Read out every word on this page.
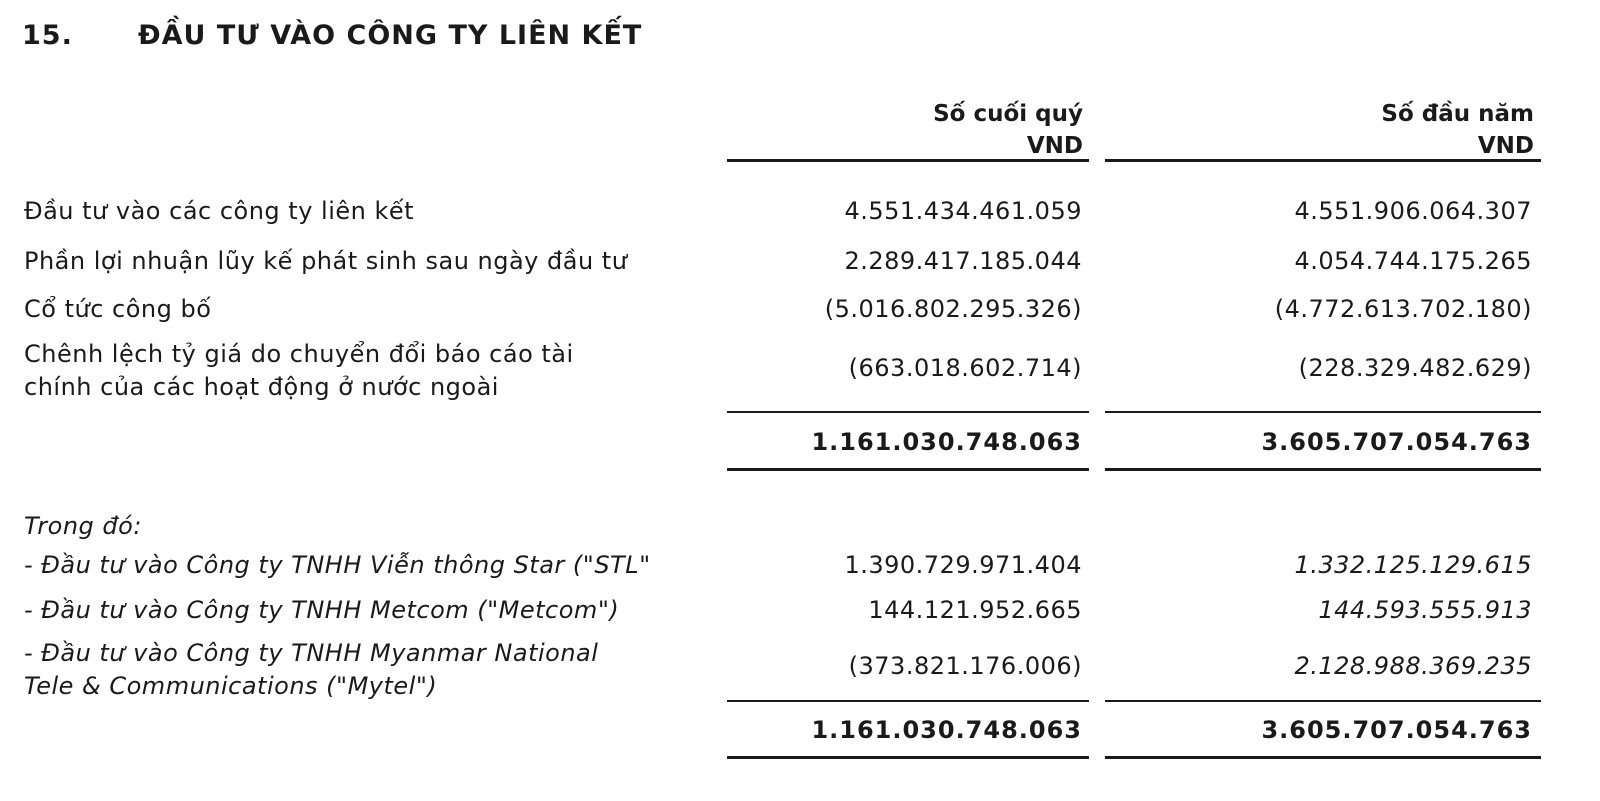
15. ĐẦU TƯ VÀO CÔNG TY LIÊN KẾT
Số cuối quý
VND
Số đầu năm
VND
Đầu tư vào các công ty liên kết	4.551.434.461.059	4.551.906.064.307
Phần lợi nhuận lũy kế phát sinh sau ngày đầu tư	2.289.417.185.044	4.054.744.175.265
Cổ tức công bố	(5.016.802.295.326)	(4.772.613.702.180)
Chênh lệch tỷ giá do chuyển đổi báo cáo tài
chính của các hoạt động ở nước ngoài
(663.018.602.714)	(228.329.482.629)
1.161.030.748.063	3.605.707.054.763
Trong đó:
- Đầu tư vào Công ty TNHH Viễn thông Star ("STL"	1.390.729.971.404	1.332.125.129.615
- Đầu tư vào Công ty TNHH Metcom ("Metcom")	144.121.952.665	144.593.555.913
- Đầu tư vào Công ty TNHH Myanmar National
Tele & Communications ("Mytel")
(373.821.176.006)	2.128.988.369.235
1.161.030.748.063	3.605.707.054.763
